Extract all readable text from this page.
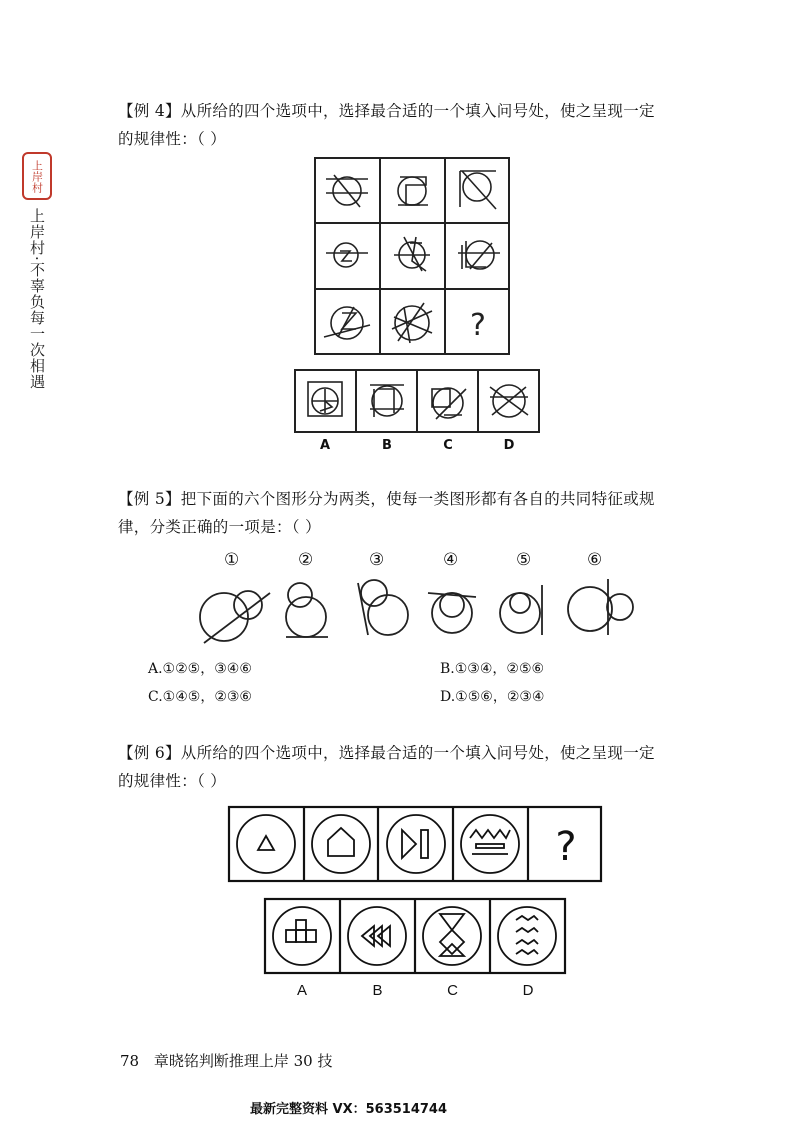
上岸村
上岸村·不辜负每一次相遇
【例 4】从所给的四个选项中，选择最合适的一个填入问号处，使之呈现一定
的规律性：（ ）
?
A	B	C	D
【例 5】把下面的六个图形分为两类，使每一类图形都有各自的共同特征或规
律，分类正确的一项是：（ ）
①	②	③	④	⑤	⑥
A.①②⑤，③④⑥	B.①③④，②⑤⑥
C.①④⑤，②③⑥	D.①⑤⑥，②③④
【例 6】从所给的四个选项中，选择最合适的一个填入问号处，使之呈现一定
的规律性：（ ）
?
A	B	C	D
78 章晓铭判断推理上岸 30 技
最新完整资料 VX：563514744
